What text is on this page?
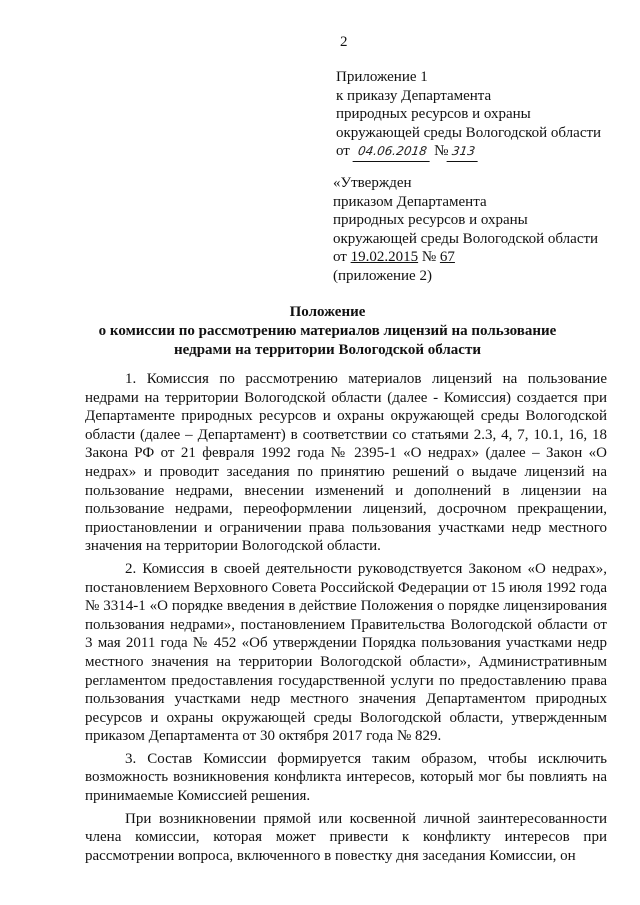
2
Приложение 1
к приказу Департамента
природных ресурсов и охраны
окружающей среды Вологодской области
от 04.06.2018 № 313
«Утвержден
приказом Департамента
природных ресурсов и охраны
окружающей среды Вологодской области
от 19.02.2015 № 67
(приложение 2)
Положение
о комиссии по рассмотрению материалов лицензий на пользование
недрами на территории Вологодской области

1. Комиссия по рассмотрению материалов лицензий на пользование недрами на территории Вологодской области (далее - Комиссия) создается при Департаменте природных ресурсов и охраны окружающей среды Вологодской области (далее – Департамент) в соответствии со статьями 2.3, 4, 7, 10.1, 16, 18 Закона РФ от 21 февраля 1992 года № 2395-1 «О недрах» (далее – Закон «О недрах» и проводит заседания по принятию решений о выдаче лицензий на пользование недрами, внесении изменений и дополнений в лицензии на пользование недрами, переоформлении лицензий, досрочном прекращении, приостановлении и ограничении права пользования участками недр местного значения на территории Вологодской области.

2. Комиссия в своей деятельности руководствуется Законом «О недрах», постановлением Верховного Совета Российской Федерации от 15 июля 1992 года № 3314-1 «О порядке введения в действие Положения о порядке лицензирования пользования недрами», постановлением Правительства Вологодской области от 3 мая 2011 года № 452 «Об утверждении Порядка пользования участками недр местного значения на территории Вологодской области», Административным регламентом предоставления государственной услуги по предоставлению права пользования участками недр местного значения Департаментом природных ресурсов и охраны окружающей среды Вологодской области, утвержденным приказом Департамента от 30 октября 2017 года № 829.

3. Состав Комиссии формируется таким образом, чтобы исключить возможность возникновения конфликта интересов, который мог бы повлиять на принимаемые Комиссией решения.

При возникновении прямой или косвенной личной заинтересованности члена комиссии, которая может привести к конфликту интересов при рассмотрении вопроса, включенного в повестку дня заседания Комиссии, он
